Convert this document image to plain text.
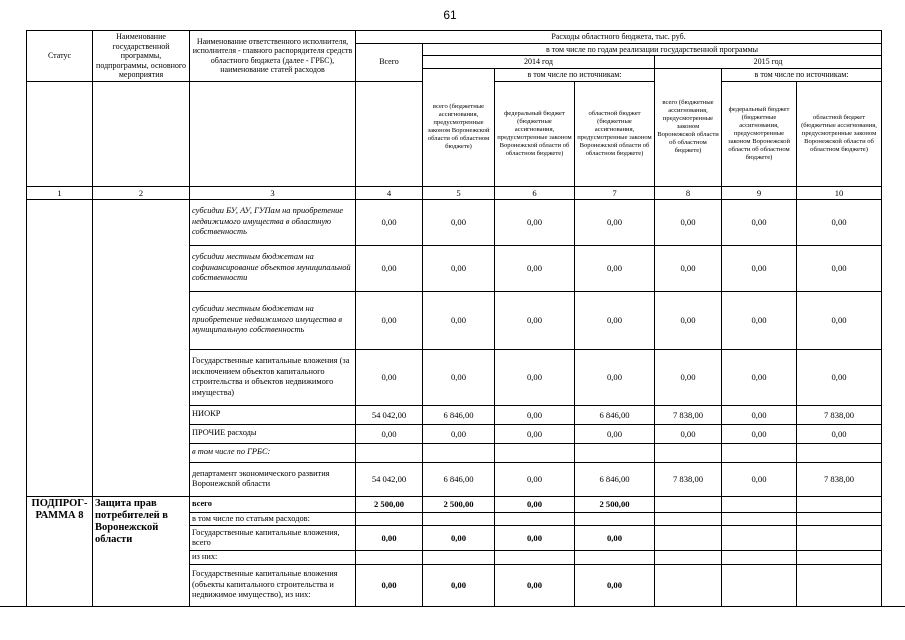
61
Статус	Наименование государственной программы, подпрограммы, основного мероприятия	Наименование ответственного исполнителя, исполнителя - главного распорядителя средств областного бюджета (далее - ГРБС), наименование статей расходов	Расходы областного бюджета, тыс. руб.						
			Всего	в том числе по годам реализации государственной программы					
				2014 год			2015 год		
				всего (бюджетные ассигнования, предусмотренные законом Воронежской области об областном бюджете)	в том числе по источникам:		всего (бюджетные ассигнования, предусмотренные законом Воронежской области об областном бюджете)	в том числе по источникам:	
					федеральный бюджет (бюджетные ассигнования, предусмотренные законом Воронежской области об областном бюджете)	областной бюджет (бюджетные ассигнования, предусмотренные законом Воронежской области об областном бюджете)		федеральный бюджет (бюджетные ассигнования, предусмотренные законом Воронежской области об областном бюджете)	областной бюджет (бюджетные ассигнования, предусмотренные законом Воронежской области об областном бюджете)
1	2	3	4	5	6	7	8	9	10
		субсидии БУ, АУ, ГУПам на приобретение недвижимого имущества в областную собственность	0,00	0,00	0,00	0,00	0,00	0,00	0,00
		субсидии местным бюджетам на софинансирование объектов муниципальной собственности	0,00	0,00	0,00	0,00	0,00	0,00	0,00
		субсидии местным бюджетам на приобретение недвижимого имущества в муниципальную собственность	0,00	0,00	0,00	0,00	0,00	0,00	0,00
		Государственные капитальные вложения (за исключением объектов капитального строительства и объектов недвижимого имущества)	0,00	0,00	0,00	0,00	0,00	0,00	0,00
		НИОКР	54 042,00	6 846,00	0,00	6 846,00	7 838,00	0,00	7 838,00
		ПРОЧИЕ расходы	0,00	0,00	0,00	0,00	0,00	0,00	0,00
		в том числе по ГРБС:							
		департамент экономического развития Воронежской области	54 042,00	6 846,00	0,00	6 846,00	7 838,00	0,00	7 838,00
ПОДПРОГ-РАММА 8	Защита прав потребителей в Воронежской области	всего	2 500,00	2 500,00	0,00	2 500,00			
		в том числе по статьям расходов:							
		Государственные капитальные вложения, всего	0,00	0,00	0,00	0,00			
		из них:							
		Государственные капитальные вложения (объекты капитального строительства и недвижимое имущество), из них:	0,00	0,00	0,00	0,00			
